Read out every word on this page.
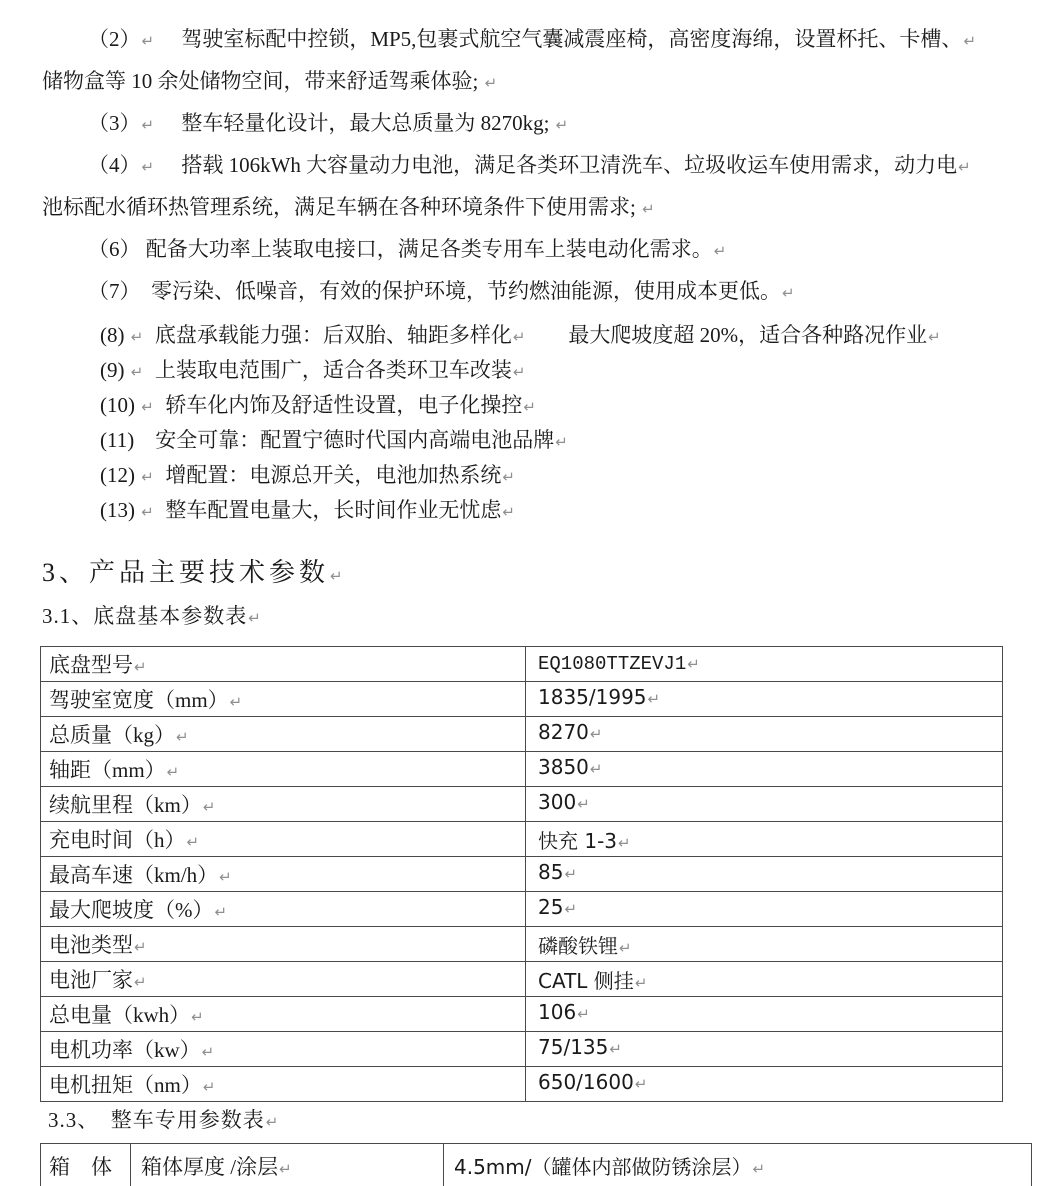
（2）↵　 驾驶室标配中控锁，MP5,包裹式航空气囊减震座椅，高密度海绵，设置杯托、卡槽、↵
储物盒等 10 余处储物空间，带来舒适驾乘体验; ↵
（3）↵　 整车轻量化设计，最大总质量为 8270kg; ↵
（4）↵　 搭载 106kWh 大容量动力电池，满足各类环卫清洗车、垃圾收运车使用需求，动力电↵
池标配水循环热管理系统，满足车辆在各种环境条件下使用需求; ↵
（6） 配备大功率上装取电接口，满足各类专用车上装电动化需求。↵
（7）  零污染、低噪音，有效的保护环境，节约燃油能源，使用成本更低。↵
(8) ↵  底盘承载能力强：后双胎、轴距多样化↵　　最大爬坡度超 20%，适合各种路况作业↵
(9) ↵  上装取电范围广，适合各类环卫车改装↵
(10) ↵  轿车化内饰及舒适性设置，电子化操控↵
(11)    安全可靠：配置宁德时代国内高端电池品牌↵
(12) ↵  增配置：电源总开关，电池加热系统↵
(13) ↵  整车配置电量大，长时间作业无忧虑↵
3、产品主要技术参数↵
3.1、底盘基本参数表↵
底盘型号↵	EQ1080TTZEVJ1↵
驾驶室宽度（mm）↵	1835/1995↵
总质量（kg）↵	8270↵
轴距（mm）↵	3850↵
续航里程（km）↵	300↵
充电时间（h）↵	快充 1-3↵
最高车速（km/h）↵	85↵
最大爬坡度（%）↵	25↵
电池类型↵	磷酸铁锂↵
电池厂家↵	CATL 侧挂↵
总电量（kwh）↵	106↵
电机功率（kw）↵	75/135↵
电机扭矩（nm）↵	650/1600↵
3.3、　整车专用参数表↵
箱　体	箱体厚度 /涂层↵	4.5mm/（罐体内部做防锈涂层）↵
